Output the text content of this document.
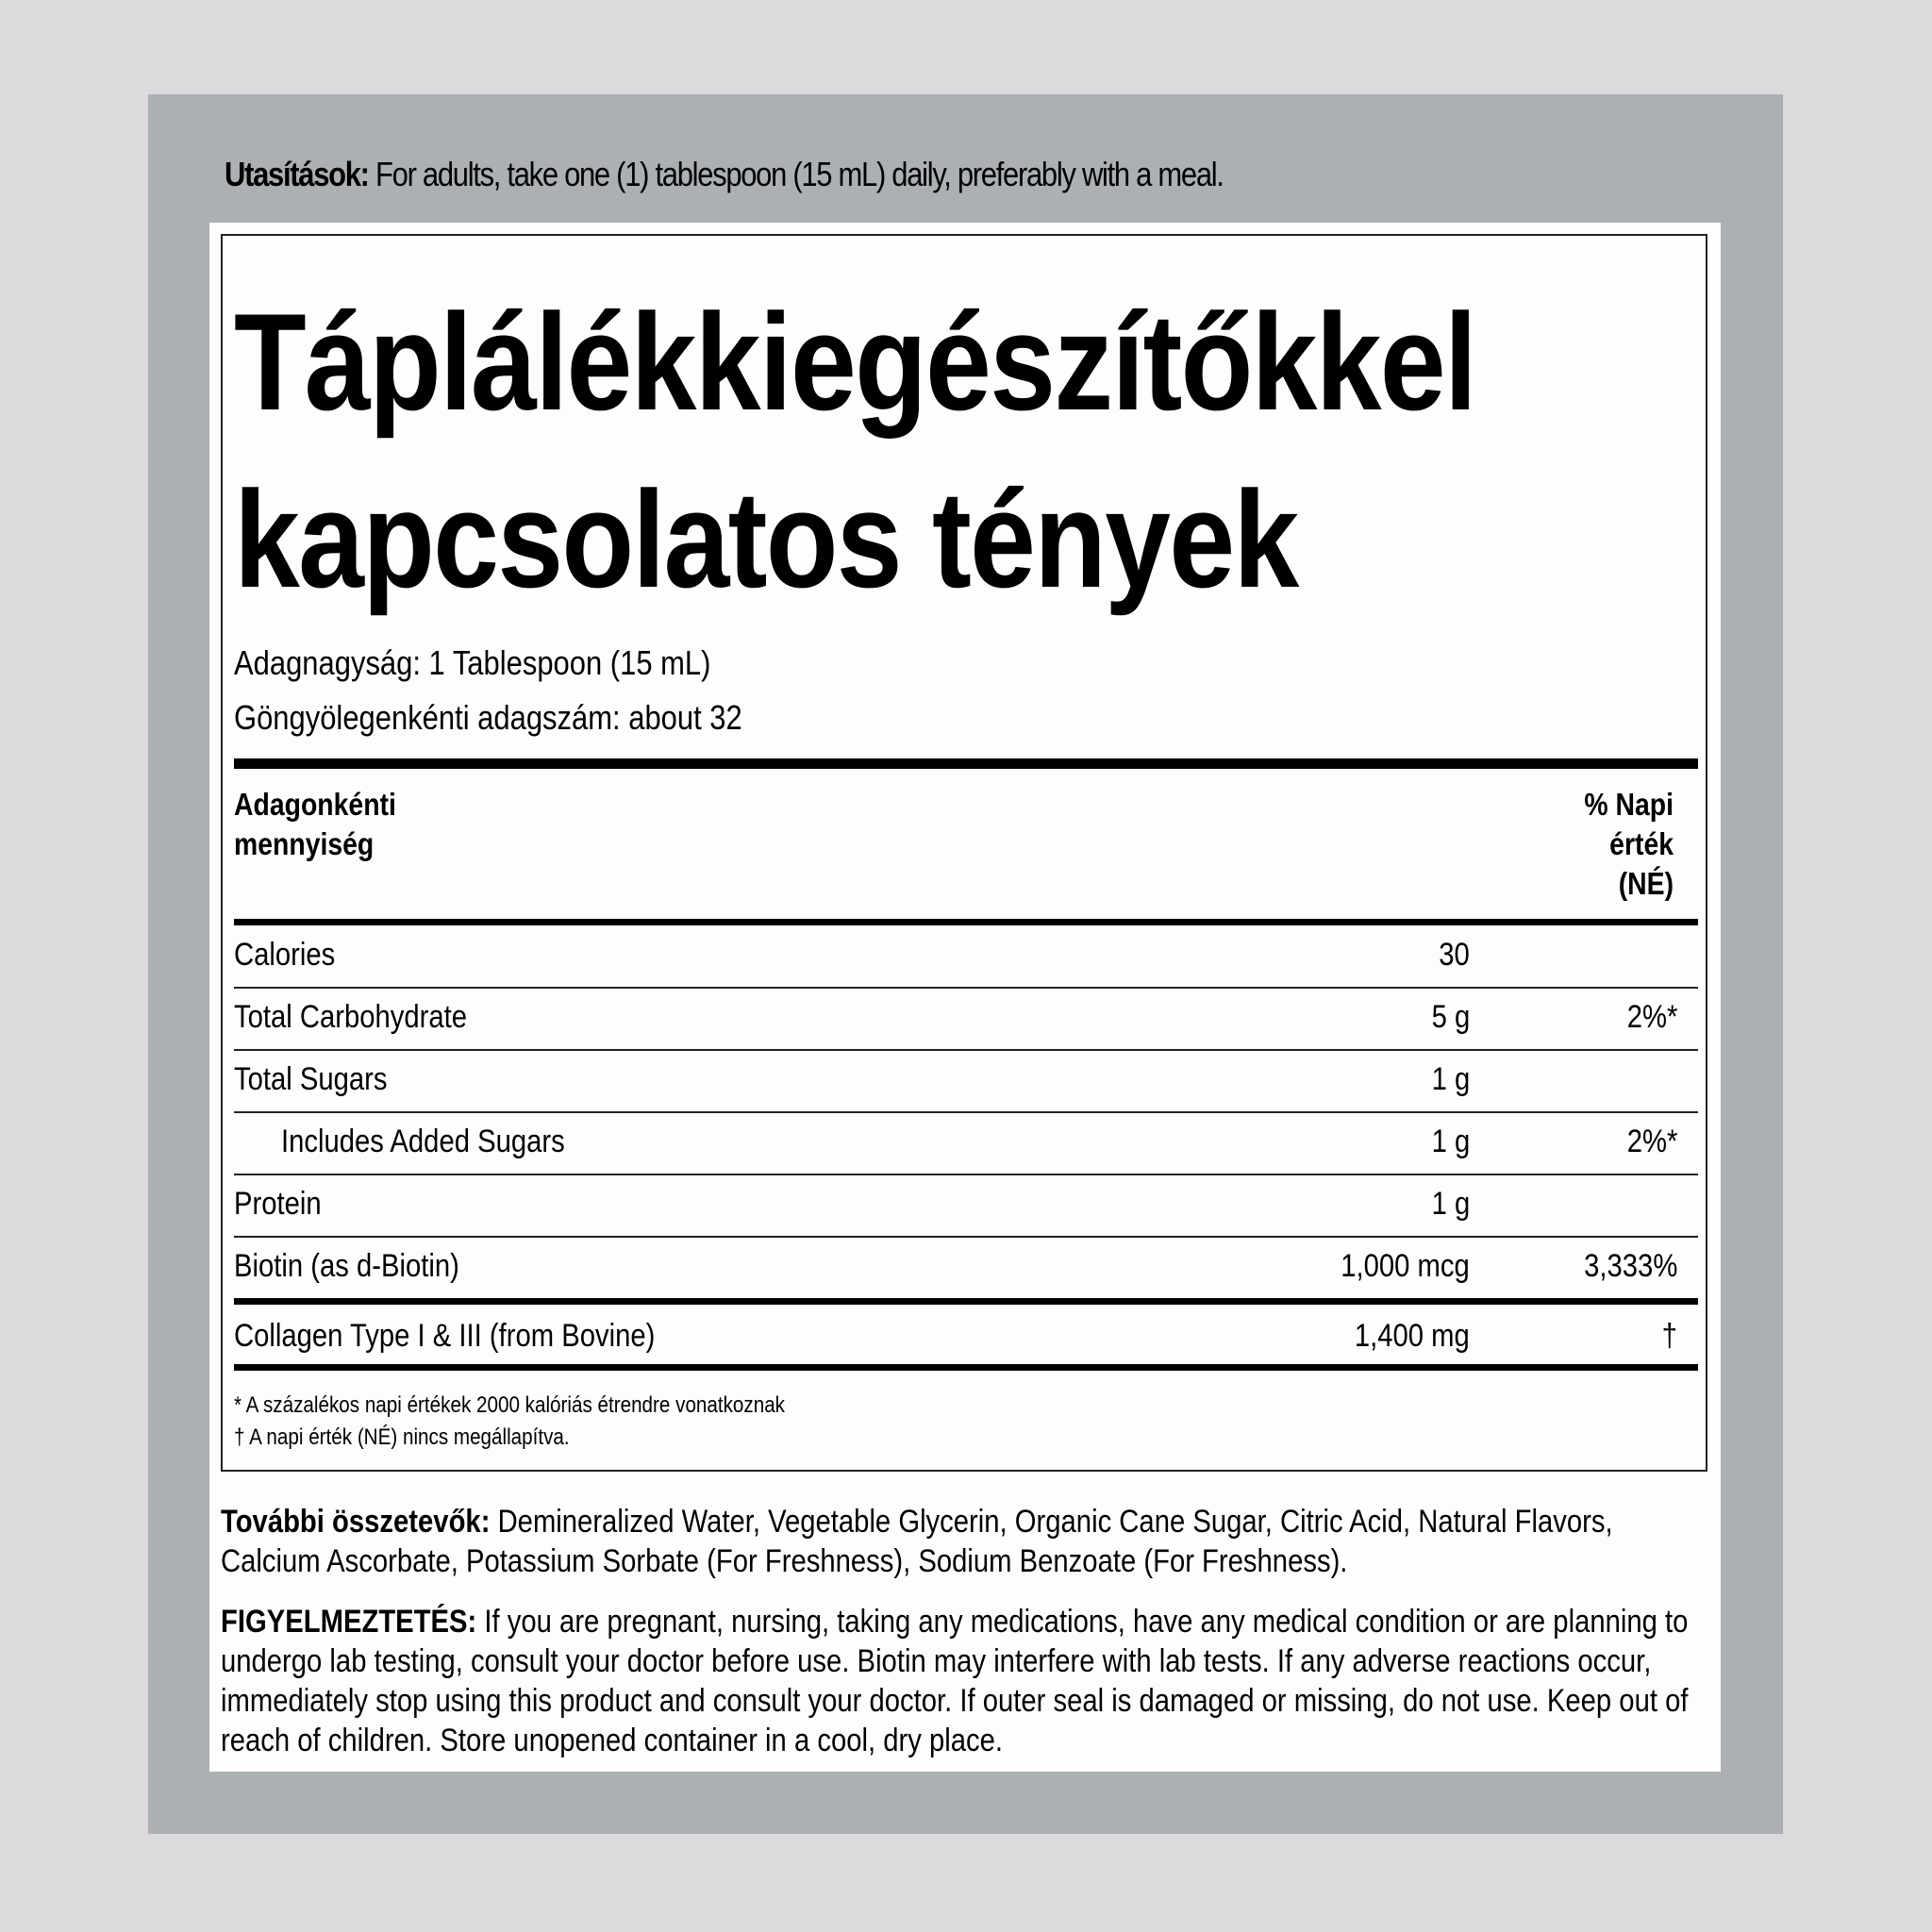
Utasítások: For adults, take one (1) tablespoon (15 mL) daily, preferably with a meal.
Táplálékkiegészítőkkel
kapcsolatos tények
Adagnagyság: 1 Tablespoon (15 mL)
Göngyölegenkénti adagszám: about 32
Adagonkénti
mennyiség
% Napi
érték
(NÉ)
Calories	30
Total Carbohydrate	5 g	2%*
Total Sugars	1 g
Includes Added Sugars	1 g	2%*
Protein	1 g
Biotin (as d-Biotin)	1,000 mcg	3,333%
Collagen Type I & III (from Bovine)	1,400 mg	†
* A százalékos napi értékek 2000 kalóriás étrendre vonatkoznak
† A napi érték (NÉ) nincs megállapítva.
További összetevők: Demineralized Water, Vegetable Glycerin, Organic Cane Sugar, Citric Acid, Natural Flavors, Calcium Ascorbate, Potassium Sorbate (For Freshness), Sodium Benzoate (For Freshness).
FIGYELMEZTETÉS: If you are pregnant, nursing, taking any medications, have any medical condition or are planning to undergo lab testing, consult your doctor before use. Biotin may interfere with lab tests. If any adverse reactions occur, immediately stop using this product and consult your doctor. If outer seal is damaged or missing, do not use. Keep out of reach of children. Store unopened container in a cool, dry place.
